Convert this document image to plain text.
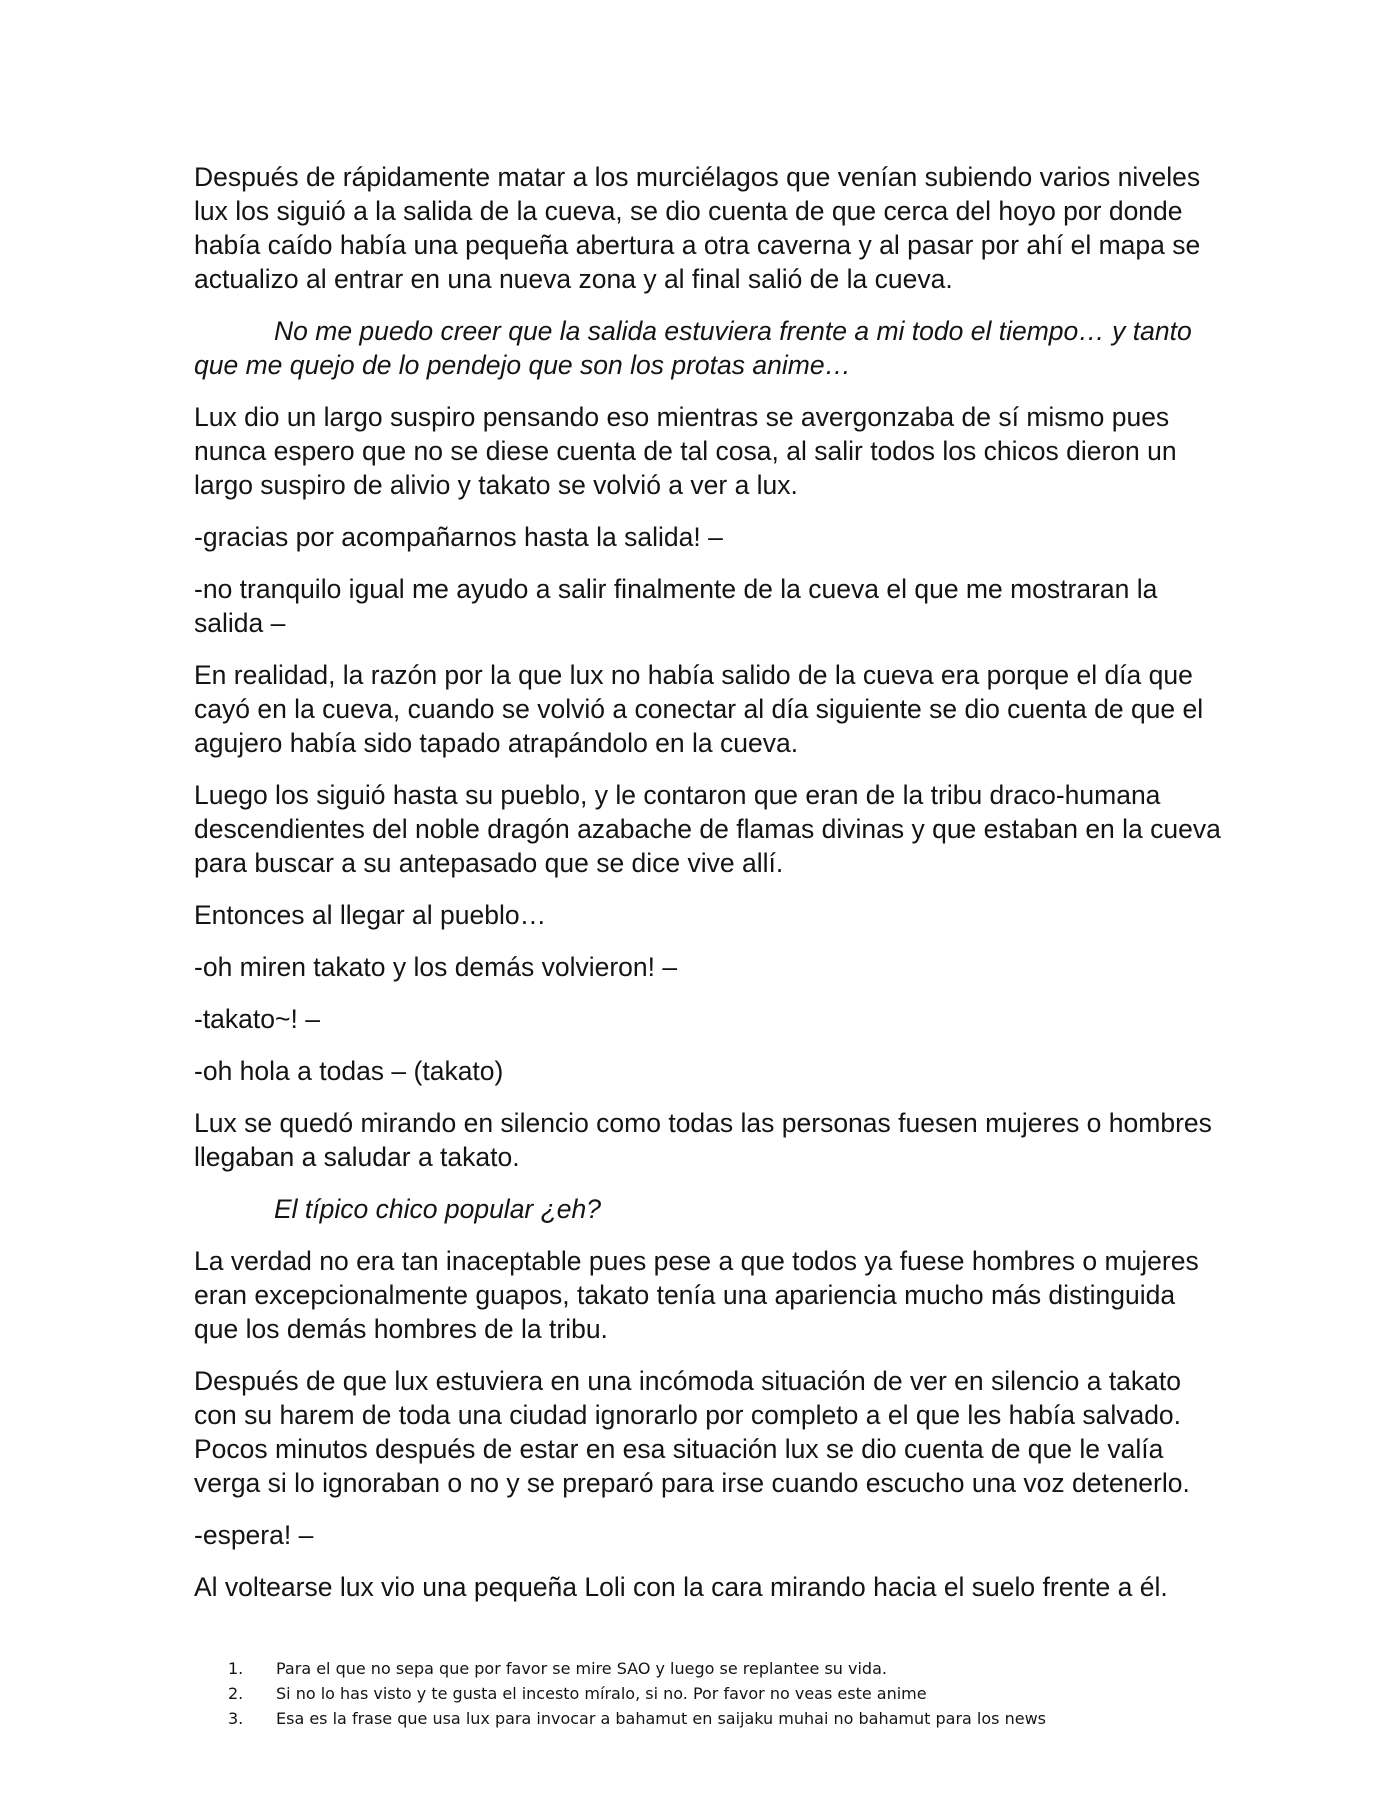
Después de rápidamente matar a los murciélagos que venían subiendo varios niveles lux los siguió a la salida de la cueva, se dio cuenta de que cerca del hoyo por donde había caído había una pequeña abertura a otra caverna y al pasar por ahí el mapa se actualizo al entrar en una nueva zona y al final salió de la cueva.

No me puedo creer que la salida estuviera frente a mi todo el tiempo… y tanto que me quejo de lo pendejo que son los protas anime…

Lux dio un largo suspiro pensando eso mientras se avergonzaba de sí mismo pues nunca espero que no se diese cuenta de tal cosa, al salir todos los chicos dieron un largo suspiro de alivio y takato se volvió a ver a lux.

-gracias por acompañarnos hasta la salida! –

-no tranquilo igual me ayudo a salir finalmente de la cueva el que me mostraran la salida –

En realidad, la razón por la que lux no había salido de la cueva era porque el día que cayó en la cueva, cuando se volvió a conectar al día siguiente se dio cuenta de que el agujero había sido tapado atrapándolo en la cueva.

Luego los siguió hasta su pueblo, y le contaron que eran de la tribu draco-humana descendientes del noble dragón azabache de flamas divinas y que estaban en la cueva para buscar a su antepasado que se dice vive allí.

Entonces al llegar al pueblo…

-oh miren takato y los demás volvieron! –

-takato~! –

-oh hola a todas – (takato)

Lux se quedó mirando en silencio como todas las personas fuesen mujeres o hombres llegaban a saludar a takato.

El típico chico popular ¿eh?

La verdad no era tan inaceptable pues pese a que todos ya fuese hombres o mujeres eran excepcionalmente guapos, takato tenía una apariencia mucho más distinguida que los demás hombres de la tribu.

Después de que lux estuviera en una incómoda situación de ver en silencio a takato con su harem de toda una ciudad ignorarlo por completo a el que les había salvado. Pocos minutos después de estar en esa situación lux se dio cuenta de que le valía verga si lo ignoraban o no y se preparó para irse cuando escucho una voz detenerlo.

-espera! –

Al voltearse lux vio una pequeña Loli con la cara mirando hacia el suelo frente a él.

1.	Para el que no sepa que por favor se mire SAO y luego se replantee su vida.
2.	Si no lo has visto y te gusta el incesto míralo, si no. Por favor no veas este anime
3.	Esa es la frase que usa lux para invocar a bahamut en saijaku muhai no bahamut para los news
